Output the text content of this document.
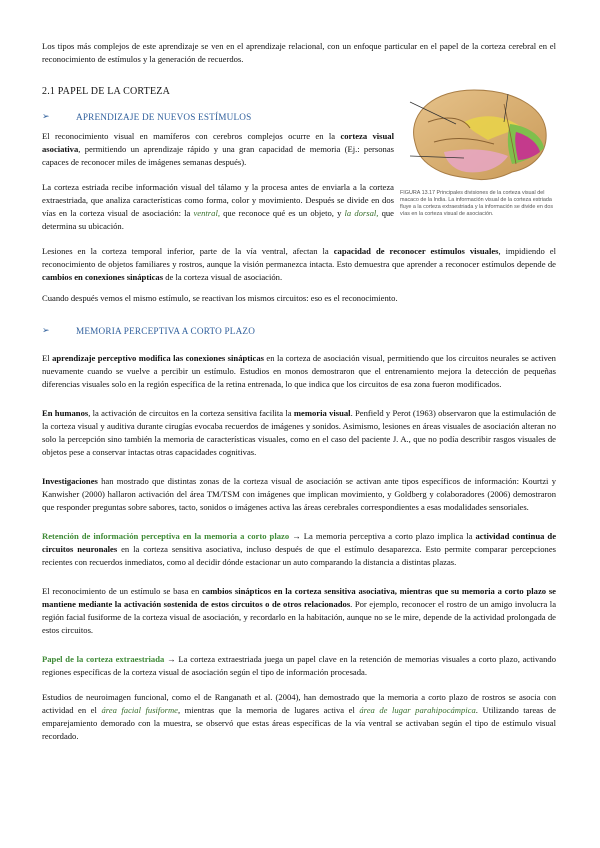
Los tipos más complejos de este aprendizaje se ven en el aprendizaje relacional, con un enfoque particular en el papel de la corteza cerebral en el reconocimiento de estímulos y la generación de recuerdos.

2.1 PAPEL DE LA CORTEZA
➢	APRENDIZAJE DE NUEVOS ESTÍMULOS

El reconocimiento visual en mamíferos con cerebros complejos ocurre en la corteza visual asociativa, permitiendo un aprendizaje rápido y una gran capacidad de memoria (Ej.: personas capaces de reconocer miles de imágenes semanas después).

La corteza estriada recibe información visual del tálamo y la procesa antes de enviarla a la corteza extraestriada, que analiza características como forma, color y movimiento. Después se divide en dos vías en la corteza visual de asociación: la ventral, que reconoce qué es un objeto, y la dorsal, que determina su ubicación.

Lesiones en la corteza temporal inferior, parte de la vía ventral, afectan la capacidad de reconocer estímulos visuales, impidiendo el reconocimiento de objetos familiares y rostros, aunque la visión permanezca intacta. Esto demuestra que aprender a reconocer estímulos depende de cambios en conexiones sinápticas de la corteza visual de asociación.

Cuando después vemos el mismo estímulo, se reactivan los mismos circuitos: eso es el reconocimiento.

➢	MEMORIA PERCEPTIVA A CORTO PLAZO

El aprendizaje perceptivo modifica las conexiones sinápticas en la corteza de asociación visual, permitiendo que los circuitos neurales se activen nuevamente cuando se vuelve a percibir un estímulo. Estudios en monos demostraron que el entrenamiento mejora la detección de pequeñas diferencias visuales solo en la región específica de la retina entrenada, lo que indica que los circuitos de esa zona fueron modificados.

En humanos, la activación de circuitos en la corteza sensitiva facilita la memoria visual. Penfield y Perot (1963) observaron que la estimulación de la corteza visual y auditiva durante cirugías evocaba recuerdos de imágenes y sonidos. Asimismo, lesiones en áreas visuales de asociación alteran no solo la percepción sino también la memoria de características visuales, como en el caso del paciente J. A., que no podía describir rasgos visuales de objetos pese a conservar intactas otras capacidades cognitivas.

Investigaciones han mostrado que distintas zonas de la corteza visual de asociación se activan ante tipos específicos de información: Kourtzi y Kanwisher (2000) hallaron activación del área TM/TSM con imágenes que implican movimiento, y Goldberg y colaboradores (2006) demostraron que responder preguntas sobre sabores, tacto, sonidos o imágenes activa las áreas cerebrales correspondientes a esas modalidades sensoriales.

Retención de información perceptiva en la memoria a corto plazo → La memoria perceptiva a corto plazo implica la actividad continua de circuitos neuronales en la corteza sensitiva asociativa, incluso después de que el estímulo desaparezca. Esto permite comparar percepciones recientes con recuerdos inmediatos, como al decidir dónde estacionar un auto comparando la distancia a distintas plazas.

El reconocimiento de un estímulo se basa en cambios sinápticos en la corteza sensitiva asociativa, mientras que su memoria a corto plazo se mantiene mediante la activación sostenida de estos circuitos o de otros relacionados. Por ejemplo, reconocer el rostro de un amigo involucra la región facial fusiforme de la corteza visual de asociación, y recordarlo en la habitación, aunque no se le mire, depende de la actividad prolongada de estos circuitos.

Papel de la corteza extraestriada → La corteza extraestriada juega un papel clave en la retención de memorias visuales a corto plazo, activando regiones específicas de la corteza visual de asociación según el tipo de información procesada.

Estudios de neuroimagen funcional, como el de Ranganath et al. (2004), han demostrado que la memoria a corto plazo de rostros se asocia con actividad en el área facial fusiforme, mientras que la memoria de lugares activa el área de lugar parahipocámpica. Utilizando tareas de emparejamiento demorado con la muestra, se observó que estas áreas específicas de la vía ventral se activaban según el tipo de estímulo visual recordado.

FIGURA 13.17 Principales divisiones de la corteza visual del macaco de la India. La información visual de la corteza estriada fluye a la corteza extraestriada y la información se divide en dos vías en la corteza visual de asociación.
